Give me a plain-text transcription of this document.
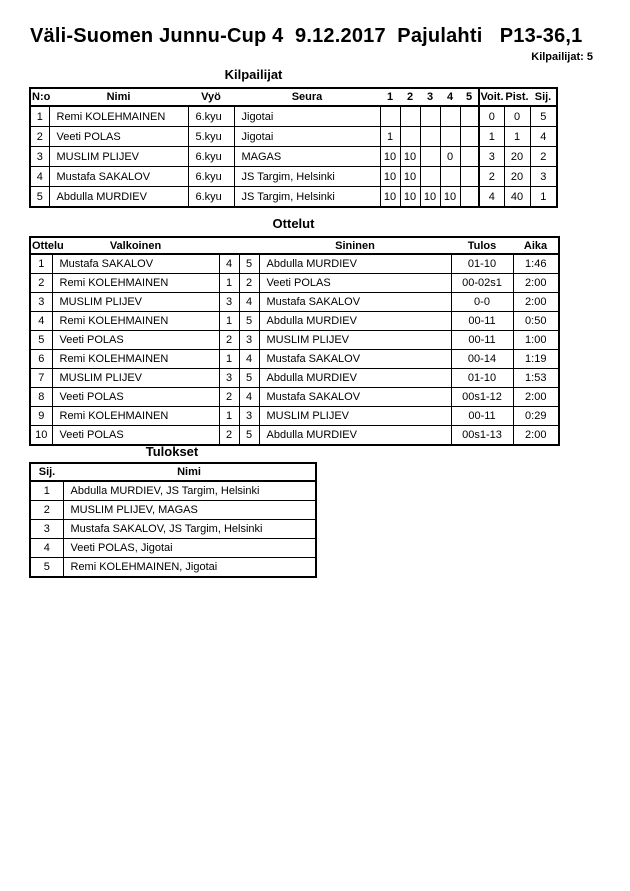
Väli-Suomen Junnu-Cup 4  9.12.2017  Pajulahti   P13-36,1
Kilpailijat: 5
Kilpailijat
N:o	Nimi	Vyö	Seura	1	2	3	4	5	Voit.	Pist.	Sij.
1	Remi KOLEHMAINEN	6.kyu	Jigotai						0	0	5
2	Veeti POLAS	5.kyu	Jigotai	1					1	1	4
3	MUSLIM PLIJEV	6.kyu	MAGAS	10	10		0		3	20	2
4	Mustafa SAKALOV	6.kyu	JS Targim, Helsinki	10	10				2	20	3
5	Abdulla MURDIEV	6.kyu	JS Targim, Helsinki	10	10	10	10		4	40	1
Ottelut
Ottelu	Valkoinen			Sininen	Tulos	Aika
1	Mustafa SAKALOV	4	5	Abdulla MURDIEV	01-10	1:46
2	Remi KOLEHMAINEN	1	2	Veeti POLAS	00-02s1	2:00
3	MUSLIM PLIJEV	3	4	Mustafa SAKALOV	0-0	2:00
4	Remi KOLEHMAINEN	1	5	Abdulla MURDIEV	00-11	0:50
5	Veeti POLAS	2	3	MUSLIM PLIJEV	00-11	1:00
6	Remi KOLEHMAINEN	1	4	Mustafa SAKALOV	00-14	1:19
7	MUSLIM PLIJEV	3	5	Abdulla MURDIEV	01-10	1:53
8	Veeti POLAS	2	4	Mustafa SAKALOV	00s1-12	2:00
9	Remi KOLEHMAINEN	1	3	MUSLIM PLIJEV	00-11	0:29
10	Veeti POLAS	2	5	Abdulla MURDIEV	00s1-13	2:00
Tulokset
Sij.	Nimi
1	Abdulla MURDIEV, JS Targim, Helsinki
2	MUSLIM PLIJEV, MAGAS
3	Mustafa SAKALOV, JS Targim, Helsinki
4	Veeti POLAS, Jigotai
5	Remi KOLEHMAINEN, Jigotai
